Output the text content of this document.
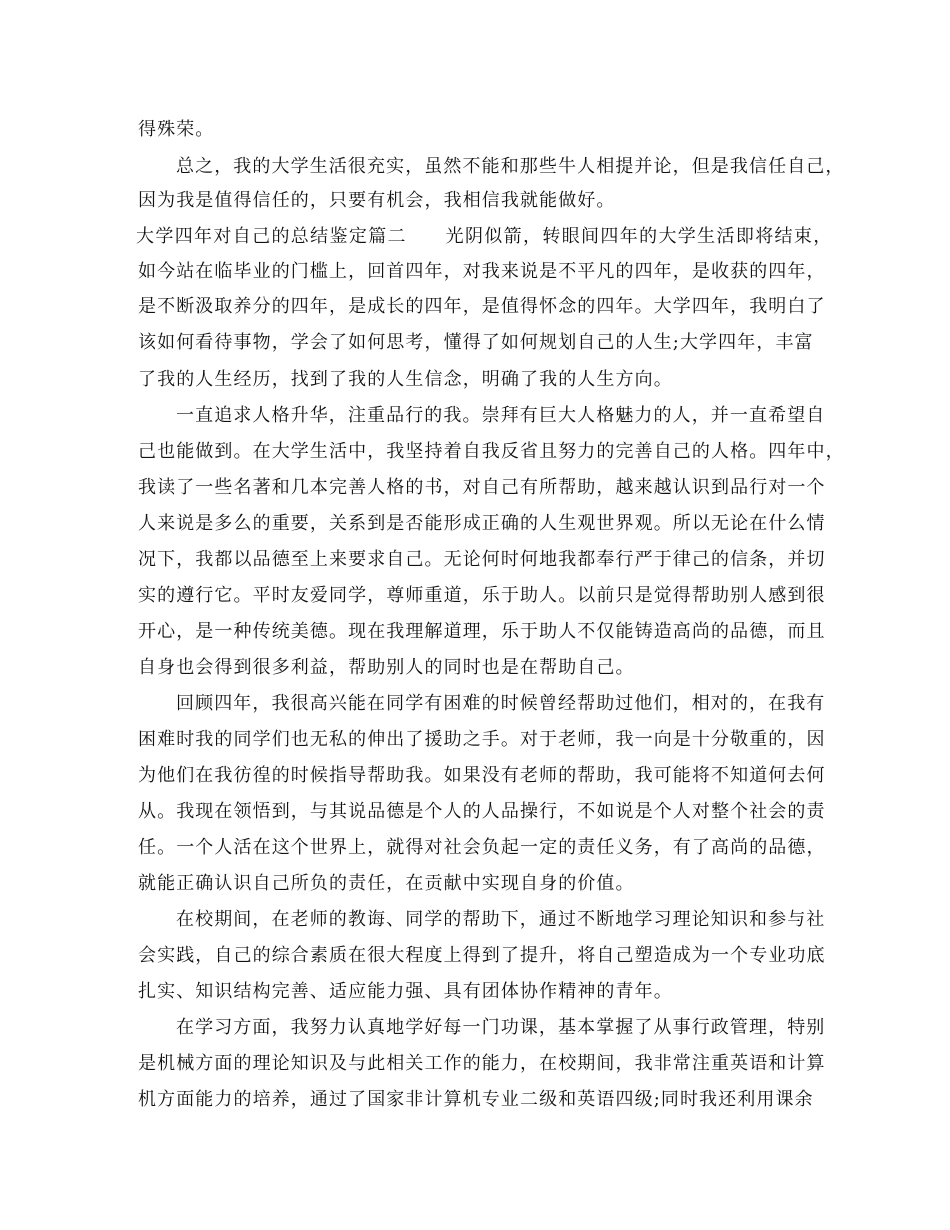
得殊荣。
总之，我的大学生活很充实，虽然不能和那些牛人相提并论，但是我信任自己，
因为我是值得信任的，只要有机会，我相信我就能做好。
大学四年对自己的总结鉴定篇二　　光阴似箭，转眼间四年的大学生活即将结束，
如今站在临毕业的门槛上，回首四年，对我来说是不平凡的四年，是收获的四年，
是不断汲取养分的四年，是成长的四年，是值得怀念的四年。大学四年，我明白了
该如何看待事物，学会了如何思考，懂得了如何规划自己的人生;大学四年，丰富
了我的人生经历，找到了我的人生信念，明确了我的人生方向。
一直追求人格升华，注重品行的我。崇拜有巨大人格魅力的人，并一直希望自
己也能做到。在大学生活中，我坚持着自我反省且努力的完善自己的人格。四年中，
我读了一些名著和几本完善人格的书，对自己有所帮助，越来越认识到品行对一个
人来说是多么的重要，关系到是否能形成正确的人生观世界观。所以无论在什么情
况下，我都以品德至上来要求自己。无论何时何地我都奉行严于律己的信条，并切
实的遵行它。平时友爱同学，尊师重道，乐于助人。以前只是觉得帮助别人感到很
开心，是一种传统美德。现在我理解道理，乐于助人不仅能铸造高尚的品德，而且
自身也会得到很多利益，帮助别人的同时也是在帮助自己。
回顾四年，我很高兴能在同学有困难的时候曾经帮助过他们，相对的，在我有
困难时我的同学们也无私的伸出了援助之手。对于老师，我一向是十分敬重的，因
为他们在我彷徨的时候指导帮助我。如果没有老师的帮助，我可能将不知道何去何
从。我现在领悟到，与其说品德是个人的人品操行，不如说是个人对整个社会的责
任。一个人活在这个世界上，就得对社会负起一定的责任义务，有了高尚的品德，
就能正确认识自己所负的责任，在贡献中实现自身的价值。
在校期间，在老师的教诲、同学的帮助下，通过不断地学习理论知识和参与社
会实践，自己的综合素质在很大程度上得到了提升，将自己塑造成为一个专业功底
扎实、知识结构完善、适应能力强、具有团体协作精神的青年。
在学习方面，我努力认真地学好每一门功课，基本掌握了从事行政管理，特别
是机械方面的理论知识及与此相关工作的能力，在校期间，我非常注重英语和计算
机方面能力的培养，通过了国家非计算机专业二级和英语四级;同时我还利用课余
